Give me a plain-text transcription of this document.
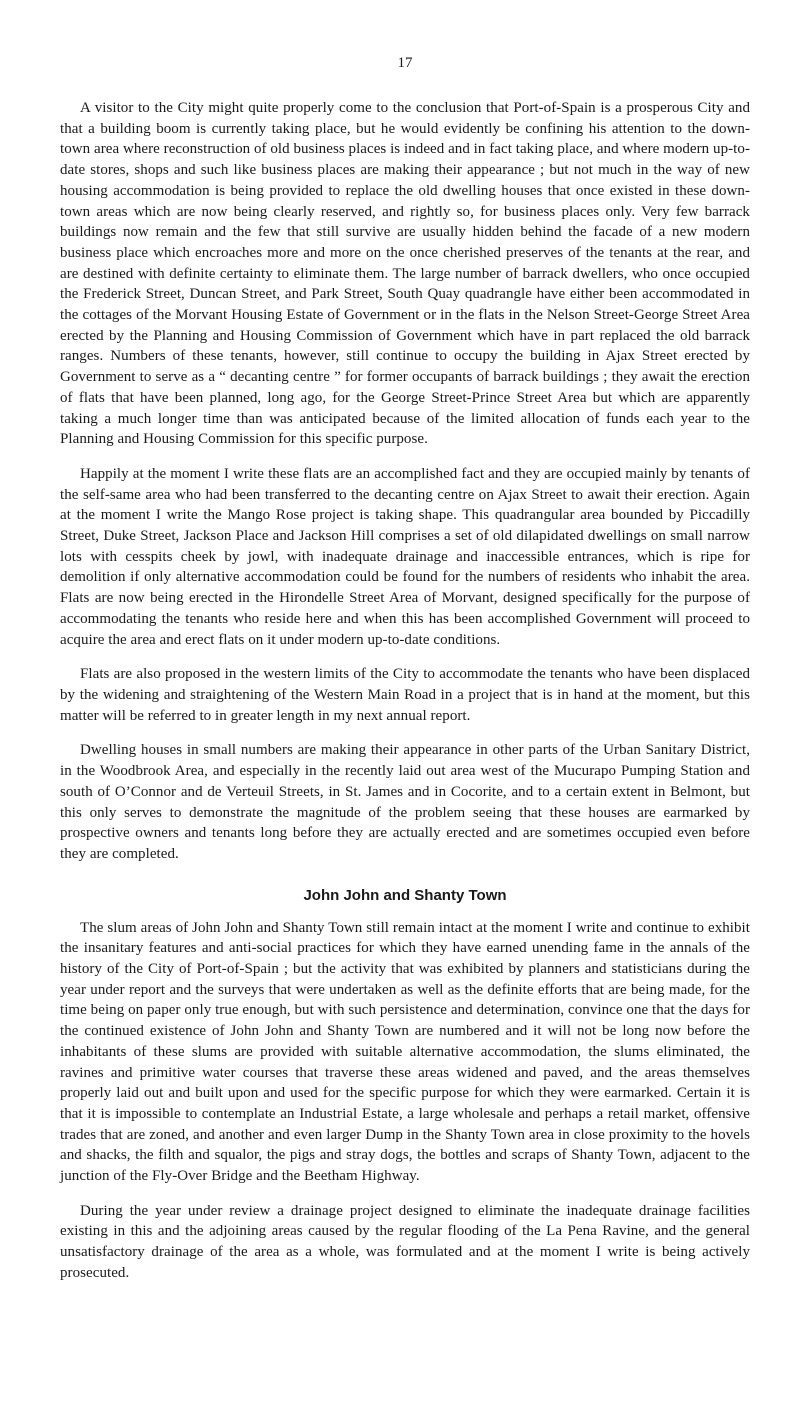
17

A visitor to the City might quite properly come to the conclusion that Port-of-Spain is a prosperous City and that a building boom is currently taking place, but he would evidently be confining his attention to the down-town area where reconstruction of old business places is indeed and in fact taking place, and where modern up-to-date stores, shops and such like business places are making their appearance ; but not much in the way of new housing accommodation is being provided to replace the old dwelling houses that once existed in these down-town areas which are now being clearly reserved, and rightly so, for business places only. Very few barrack buildings now remain and the few that still survive are usually hidden behind the facade of a new modern business place which encroaches more and more on the once cherished preserves of the tenants at the rear, and are destined with definite certainty to eliminate them. The large number of barrack dwellers, who once occupied the Frederick Street, Duncan Street, and Park Street, South Quay quadrangle have either been accommodated in the cottages of the Morvant Housing Estate of Government or in the flats in the Nelson Street-George Street Area erected by the Planning and Housing Commission of Government which have in part replaced the old barrack ranges. Numbers of these tenants, however, still continue to occupy the building in Ajax Street erected by Government to serve as a “ decanting centre ” for former occupants of barrack buildings ; they await the erection of flats that have been planned, long ago, for the George Street-Prince Street Area but which are apparently taking a much longer time than was anticipated because of the limited allocation of funds each year to the Planning and Housing Commission for this specific purpose.

Happily at the moment I write these flats are an accomplished fact and they are occupied mainly by tenants of the self-same area who had been transferred to the decanting centre on Ajax Street to await their erection. Again at the moment I write the Mango Rose project is taking shape. This quadrangular area bounded by Piccadilly Street, Duke Street, Jackson Place and Jackson Hill comprises a set of old dilapidated dwellings on small narrow lots with cesspits cheek by jowl, with inadequate drainage and inaccessible entrances, which is ripe for demolition if only alternative accommodation could be found for the numbers of residents who inhabit the area. Flats are now being erected in the Hirondelle Street Area of Morvant, designed specifically for the purpose of accommodating the tenants who reside here and when this has been accomplished Government will proceed to acquire the area and erect flats on it under modern up-to-date conditions.

Flats are also proposed in the western limits of the City to accommodate the tenants who have been displaced by the widening and straightening of the Western Main Road in a project that is in hand at the moment, but this matter will be referred to in greater length in my next annual report.

Dwelling houses in small numbers are making their appearance in other parts of the Urban Sanitary District, in the Woodbrook Area, and especially in the recently laid out area west of the Mucurapo Pumping Station and south of O’Connor and de Verteuil Streets, in St. James and in Cocorite, and to a certain extent in Belmont, but this only serves to demonstrate the magnitude of the problem seeing that these houses are earmarked by prospective owners and tenants long before they are actually erected and are sometimes occupied even before they are completed.

John John and Shanty Town

The slum areas of John John and Shanty Town still remain intact at the moment I write and continue to exhibit the insanitary features and anti-social practices for which they have earned unending fame in the annals of the history of the City of Port-of-Spain ; but the activity that was exhibited by planners and statisticians during the year under report and the surveys that were undertaken as well as the definite efforts that are being made, for the time being on paper only true enough, but with such persistence and determination, convince one that the days for the continued existence of John John and Shanty Town are numbered and it will not be long now before the inhabitants of these slums are provided with suitable alternative accommodation, the slums eliminated, the ravines and primitive water courses that traverse these areas widened and paved, and the areas themselves properly laid out and built upon and used for the specific purpose for which they were earmarked. Certain it is that it is impossible to contemplate an Industrial Estate, a large wholesale and perhaps a retail market, offensive trades that are zoned, and another and even larger Dump in the Shanty Town area in close proximity to the hovels and shacks, the filth and squalor, the pigs and stray dogs, the bottles and scraps of Shanty Town, adjacent to the junction of the Fly-Over Bridge and the Beetham Highway.

During the year under review a drainage project designed to eliminate the inadequate drainage facilities existing in this and the adjoining areas caused by the regular flooding of the La Pena Ravine, and the general unsatisfactory drainage of the area as a whole, was formulated and at the moment I write is being actively prosecuted.
